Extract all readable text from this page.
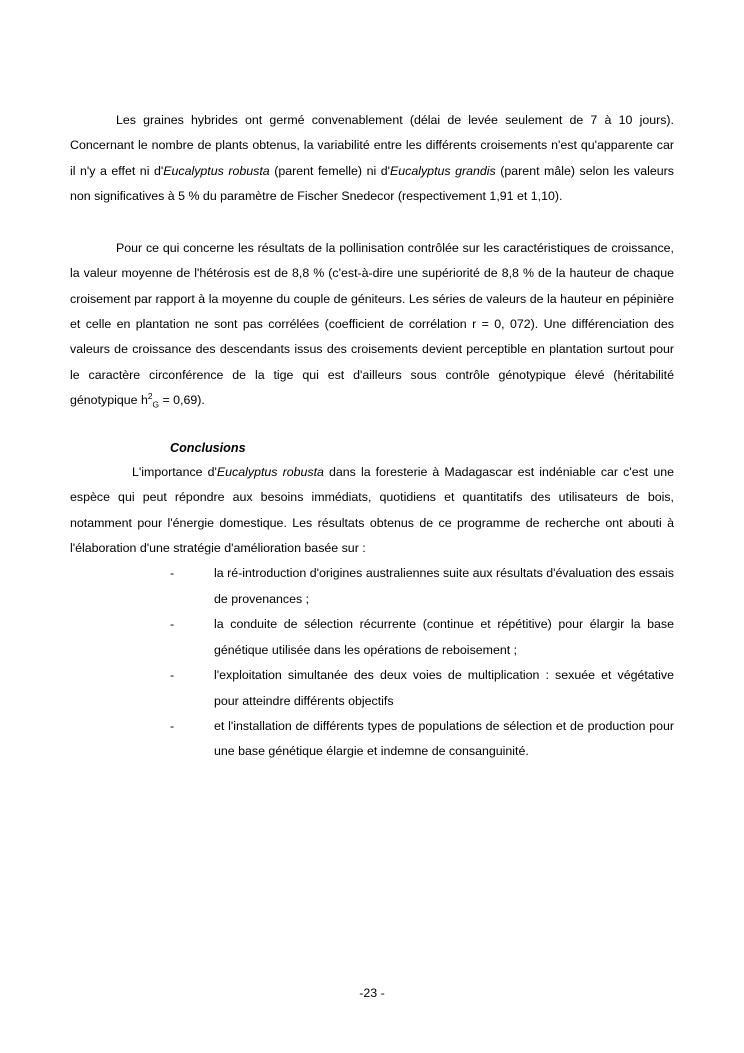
Les graines hybrides ont germé convenablement (délai de levée seulement de 7 à 10 jours). Concernant le nombre de plants obtenus, la variabilité entre les différents croisements n'est qu'apparente car il n'y a effet ni d'Eucalyptus robusta (parent femelle) ni d'Eucalyptus grandis (parent mâle) selon les valeurs non significatives à 5 % du paramètre de Fischer Snedecor (respectivement 1,91 et 1,10).

Pour ce qui concerne les résultats de la pollinisation contrôlée sur les caractéristiques de croissance, la valeur moyenne de l'hétérosis est de 8,8 % (c'est-à-dire une supériorité de 8,8 % de la hauteur de chaque croisement par rapport à la moyenne du couple de géniteurs. Les séries de valeurs de la hauteur en pépinière et celle en plantation ne sont pas corrélées (coefficient de corrélation r = 0, 072). Une différenciation des valeurs de croissance des descendants issus des croisements devient perceptible en plantation surtout pour le caractère circonférence de la tige qui est d'ailleurs sous contrôle génotypique élevé (héritabilité génotypique $h^2_G = 0,69$).

Conclusions

L'importance d'Eucalyptus robusta dans la foresterie à Madagascar est indéniable car c'est une espèce qui peut répondre aux besoins immédiats, quotidiens et quantitatifs des utilisateurs de bois, notamment pour l'énergie domestique. Les résultats obtenus de ce programme de recherche ont abouti à l'élaboration d'une stratégie d'amélioration basée sur :

-	la ré-introduction d'origines australiennes suite aux résultats d'évaluation des essais de provenances ;
-	la conduite de sélection récurrente (continue et répétitive) pour élargir la base génétique utilisée dans les opérations de reboisement ;
-	l'exploitation simultanée des deux voies de multiplication : sexuée et végétative pour atteindre différents objectifs
-	et l'installation de différents types de populations de sélection et de production pour une base génétique élargie et indemne de consanguinité.
-23 -
